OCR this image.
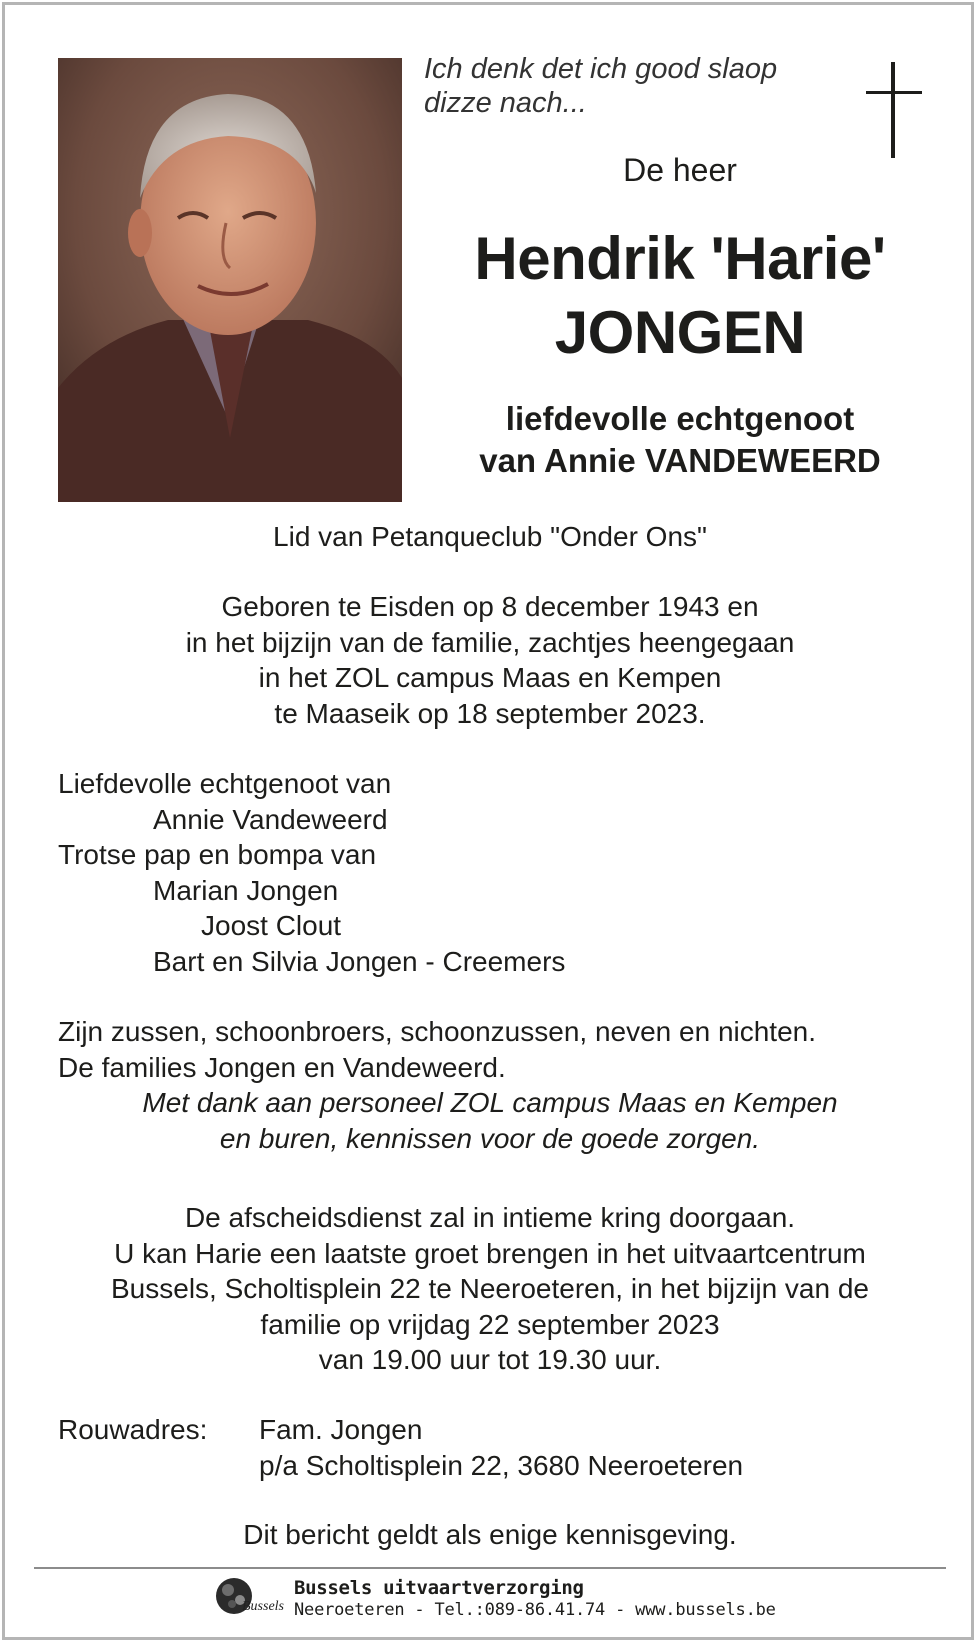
Ich denk det ich good slaop
dizze nach...
De heer
Hendrik 'Harie'
JONGEN
liefdevolle echtgenoot
van Annie VANDEWEERD
Lid van Petanqueclub "Onder Ons"
Geboren te Eisden op 8 december 1943 en
in het bijzijn van de familie, zachtjes heengegaan
in het ZOL campus Maas en Kempen
te Maaseik op 18 september 2023.
Liefdevolle echtgenoot van
Annie Vandeweerd
Trotse pap en bompa van
Marian Jongen
Joost Clout
Bart en Silvia Jongen - Creemers
Zijn zussen, schoonbroers, schoonzussen, neven en nichten.
De families Jongen en Vandeweerd.
Met dank aan personeel ZOL campus Maas en Kempen
en buren, kennissen voor de goede zorgen.
De afscheidsdienst zal in intieme kring doorgaan.
U kan Harie een laatste groet brengen in het uitvaartcentrum
Bussels, Scholtisplein 22 te Neeroeteren, in het bijzijn van de
familie op vrijdag 22 september 2023
van 19.00 uur tot 19.30 uur.
Rouwadres: Fam. Jongen
p/a Scholtisplein 22, 3680 Neeroeteren
Dit bericht geldt als enige kennisgeving.
Bussels
Bussels uitvaartverzorging
Neeroeteren - Tel.:089-86.41.74 - www.bussels.be
